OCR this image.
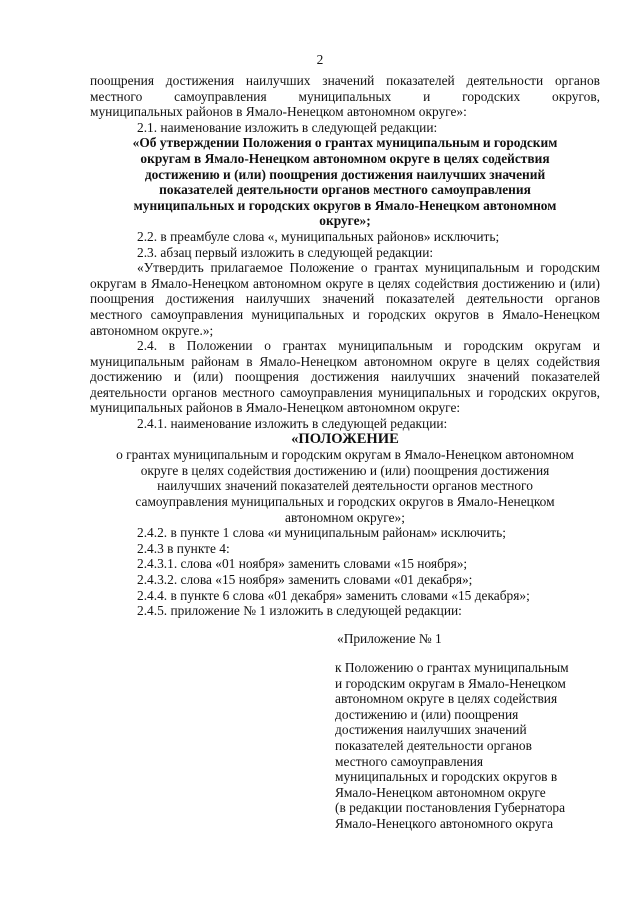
2

поощрения достижения наилучших значений показателей деятельности органов

местного самоуправления муниципальных и городских округов,

муниципальных районов в Ямало-Ненецком автономном округе»:

2.1. наименование изложить в следующей редакции:

«Об утверждении Положения о грантах муниципальным и городским

округам в Ямало-Ненецком автономном округе в целях содействия

достижению и (или) поощрения достижения наилучших значений

показателей деятельности органов местного самоуправления

муниципальных и городских округов в Ямало-Ненецком автономном

округе»;

2.2. в преамбуле слова «, муниципальных районов» исключить;

2.3. абзац первый изложить в следующей редакции:

«Утвердить прилагаемое Положение о грантах муниципальным и городским округам в Ямало-Ненецком автономном округе в целях содействия достижению и (или) поощрения достижения наилучших значений показателей деятельности органов местного самоуправления муниципальных и городских округов в Ямало-Ненецком автономном округе.»;

2.4. в Положении о грантах муниципальным и городским округам и муниципальным районам в Ямало-Ненецком автономном округе в целях содействия достижению и (или) поощрения достижения наилучших значений показателей деятельности органов местного самоуправления муниципальных и городских округов, муниципальных районов в Ямало-Ненецком автономном округе:

2.4.1. наименование изложить в следующей редакции:

«ПОЛОЖЕНИЕ

о грантах муниципальным и городским округам в Ямало-Ненецком автономном

округе в целях содействия достижению и (или) поощрения достижения

наилучших значений показателей деятельности органов местного

самоуправления муниципальных и городских округов в Ямало-Ненецком

автономном округе»;

2.4.2. в пункте 1 слова «и муниципальным районам» исключить;

2.4.3 в пункте 4:

2.4.3.1. слова «01 ноября» заменить словами «15 ноября»;

2.4.3.2. слова «15 ноября» заменить словами «01 декабря»;

2.4.4. в пункте 6 слова «01 декабря» заменить словами «15 декабря»;

2.4.5. приложение № 1 изложить в следующей редакции:

«Приложение № 1

к Положению о грантах муниципальным

и городским округам в Ямало-Ненецком

автономном округе в целях содействия

достижению и (или) поощрения

достижения наилучших значений

показателей деятельности органов

местного самоуправления

муниципальных и городских округов в

Ямало-Ненецком автономном округе

(в редакции постановления Губернатора

Ямало-Ненецкого автономного округа
